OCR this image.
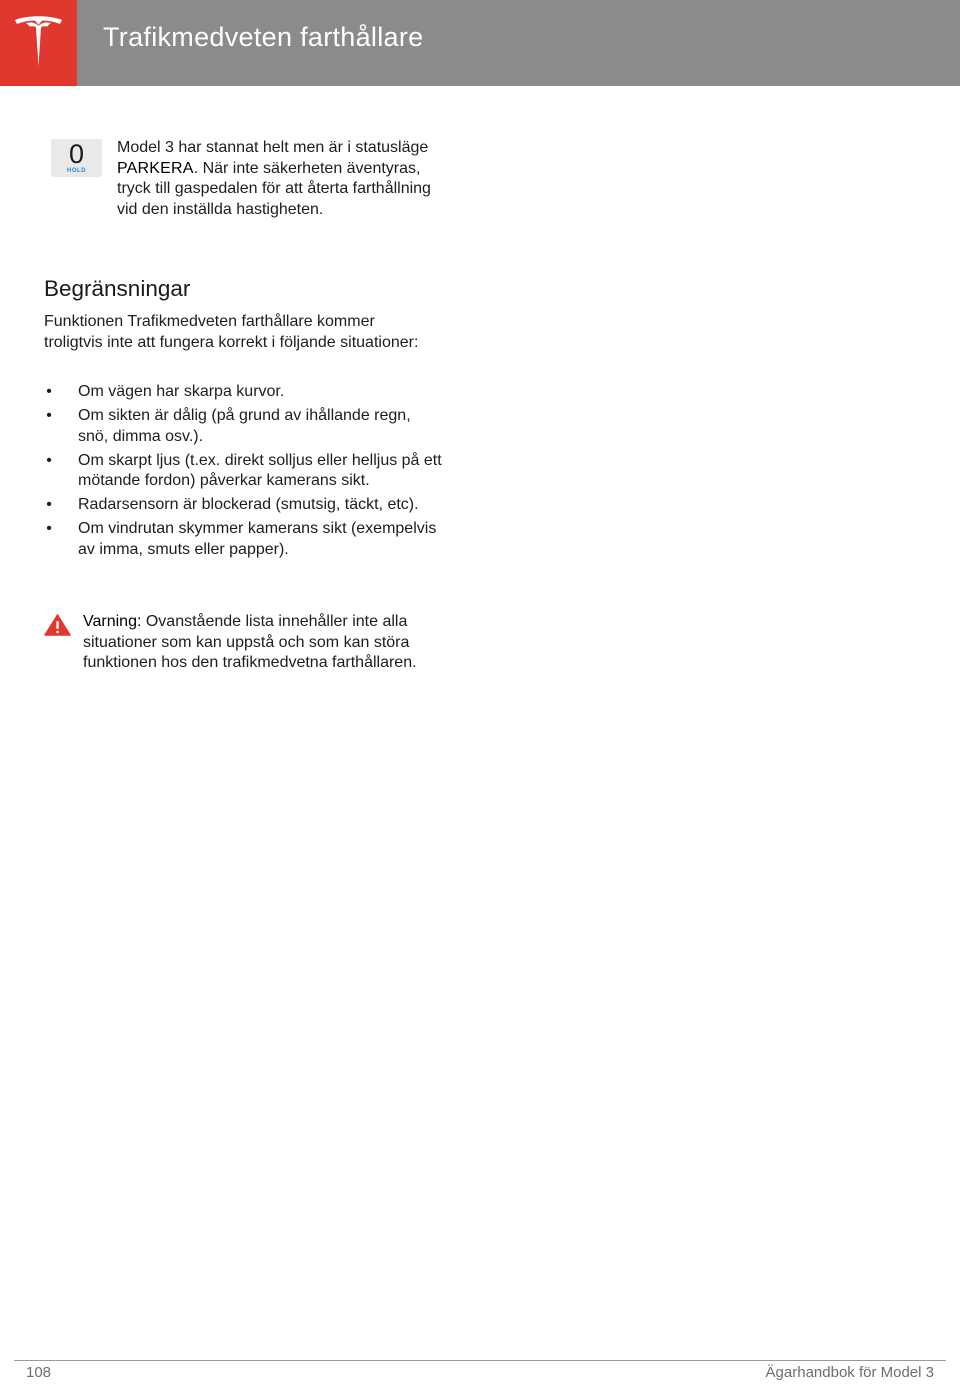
Trafikmedveten farthållare
0
HOLD
Model 3 har stannat helt men är i statusläge PARKERA. När inte säkerheten äventyras, tryck till gaspedalen för att återta farthållning vid den inställda hastigheten.
Begränsningar
Funktionen Trafikmedveten farthållare kommer troligtvis inte att fungera korrekt i följande situationer:
• Om vägen har skarpa kurvor.
• Om sikten är dålig (på grund av ihållande regn, snö, dimma osv.).
• Om skarpt ljus (t.ex. direkt solljus eller helljus på ett mötande fordon) påverkar kamerans sikt.
• Radarsensorn är blockerad (smutsig, täckt, etc).
• Om vindrutan skymmer kamerans sikt (exempelvis av imma, smuts eller papper).
Varning: Ovanstående lista innehåller inte alla situationer som kan uppstå och som kan störa funktionen hos den trafikmedvetna farthållaren.
108	Ägarhandbok för Model 3
